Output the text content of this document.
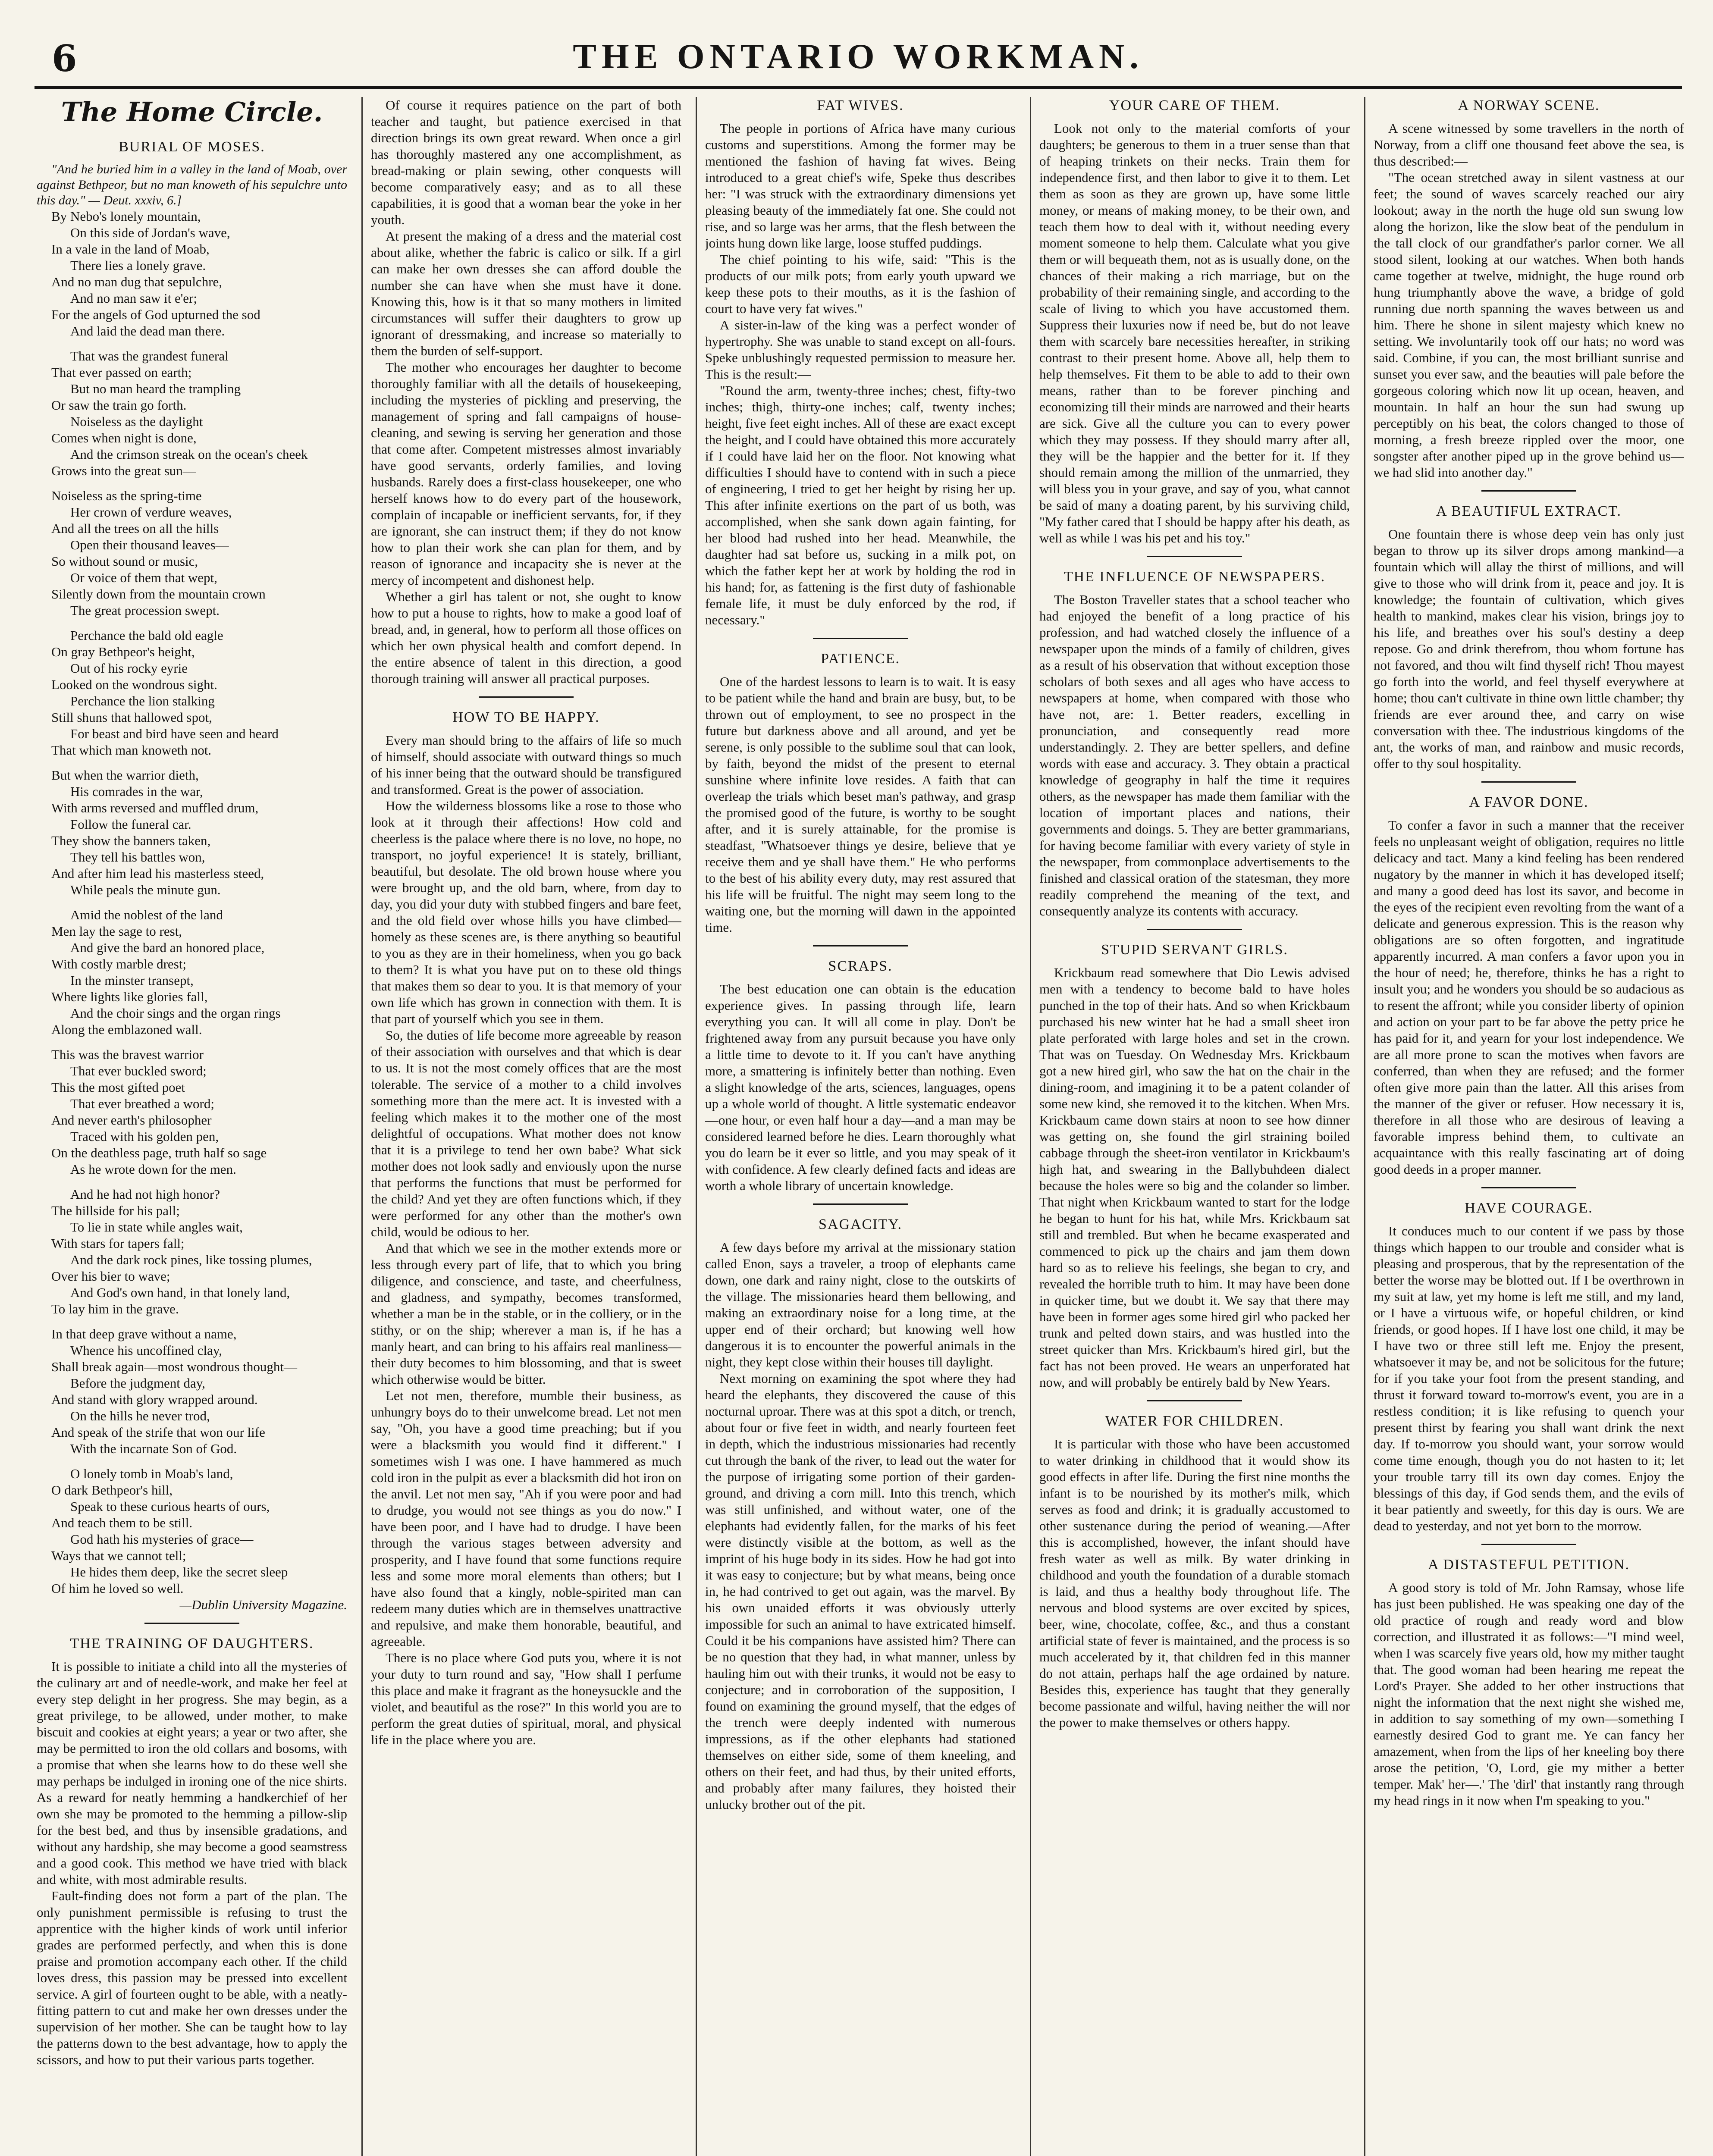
6	THE ONTARIO WORKMAN.
The Home Circle.
BURIAL OF MOSES.

"And he buried him in a valley in the land of Moab, over against Bethpeor, but no man knoweth of his sepulchre unto this day." — Deut. xxxiv, 6.]

By Nebo's lonely mountain,

On this side of Jordan's wave,

In a vale in the land of Moab,

There lies a lonely grave.

And no man dug that sepulchre,

And no man saw it e'er;

For the angels of God upturned the sod

And laid the dead man there.

That was the grandest funeral

That ever passed on earth;

But no man heard the trampling

Or saw the train go forth.

Noiseless as the daylight

Comes when night is done,

And the crimson streak on the ocean's cheek

Grows into the great sun—

Noiseless as the spring-time

Her crown of verdure weaves,

And all the trees on all the hills

Open their thousand leaves—

So without sound or music,

Or voice of them that wept,

Silently down from the mountain crown

The great procession swept.

Perchance the bald old eagle

On gray Bethpeor's height,

Out of his rocky eyrie

Looked on the wondrous sight.

Perchance the lion stalking

Still shuns that hallowed spot,

For beast and bird have seen and heard

That which man knoweth not.

But when the warrior dieth,

His comrades in the war,

With arms reversed and muffled drum,

Follow the funeral car.

They show the banners taken,

They tell his battles won,

And after him lead his masterless steed,

While peals the minute gun.

Amid the noblest of the land

Men lay the sage to rest,

And give the bard an honored place,

With costly marble drest;

In the minster transept,

Where lights like glories fall,

And the choir sings and the organ rings

Along the emblazoned wall.

This was the bravest warrior

That ever buckled sword;

This the most gifted poet

That ever breathed a word;

And never earth's philosopher

Traced with his golden pen,

On the deathless page, truth half so sage

As he wrote down for the men.

And he had not high honor?

The hillside for his pall;

To lie in state while angles wait,

With stars for tapers fall;

And the dark rock pines, like tossing plumes,

Over his bier to wave;

And God's own hand, in that lonely land,

To lay him in the grave.

In that deep grave without a name,

Whence his uncoffined clay,

Shall break again—most wondrous thought—

Before the judgment day,

And stand with glory wrapped around.

On the hills he never trod,

And speak of the strife that won our life

With the incarnate Son of God.

O lonely tomb in Moab's land,

O dark Bethpeor's hill,

Speak to these curious hearts of ours,

And teach them to be still.

God hath his mysteries of grace—

Ways that we cannot tell;

He hides them deep, like the secret sleep

Of him he loved so well.

—Dublin University Magazine.

THE TRAINING OF DAUGHTERS.

It is possible to initiate a child into all the mysteries of the culinary art and of needle-work, and make her feel at every step delight in her progress. She may begin, as a great privilege, to be allowed, under mother, to make biscuit and cookies at eight years; a year or two after, she may be permitted to iron the old collars and bosoms, with a promise that when she learns how to do these well she may perhaps be indulged in ironing one of the nice shirts. As a reward for neatly hemming a handkerchief of her own she may be promoted to the hemming a pillow-slip for the best bed, and thus by insensible gradations, and without any hardship, she may become a good seamstress and a good cook. This method we have tried with black and white, with most admirable results.

Fault-finding does not form a part of the plan. The only punishment permissible is refusing to trust the apprentice with the higher kinds of work until inferior grades are performed perfectly, and when this is done praise and promotion accompany each other. If the child loves dress, this passion may be pressed into excellent service. A girl of fourteen ought to be able, with a neatly-fitting pattern to cut and make her own dresses under the supervision of her mother. She can be taught how to lay the patterns down to the best advantage, how to apply the scissors, and how to put their various parts together.

Of course it requires patience on the part of both teacher and taught, but patience exercised in that direction brings its own great reward. When once a girl has thoroughly mastered any one accomplishment, as bread-making or plain sewing, other conquests will become comparatively easy; and as to all these capabilities, it is good that a woman bear the yoke in her youth.

At present the making of a dress and the material cost about alike, whether the fabric is calico or silk. If a girl can make her own dresses she can afford double the number she can have when she must have it done. Knowing this, how is it that so many mothers in limited circumstances will suffer their daughters to grow up ignorant of dressmaking, and increase so materially to them the burden of self-support.

The mother who encourages her daughter to become thoroughly familiar with all the details of housekeeping, including the mysteries of pickling and preserving, the management of spring and fall campaigns of house-cleaning, and sewing is serving her generation and those that come after. Competent mistresses almost invariably have good servants, orderly families, and loving husbands. Rarely does a first-class housekeeper, one who herself knows how to do every part of the housework, complain of incapable or inefficient servants, for, if they are ignorant, she can instruct them; if they do not know how to plan their work she can plan for them, and by reason of ignorance and incapacity she is never at the mercy of incompetent and dishonest help.

Whether a girl has talent or not, she ought to know how to put a house to rights, how to make a good loaf of bread, and, in general, how to perform all those offices on which her own physical health and comfort depend. In the entire absence of talent in this direction, a good thorough training will answer all practical purposes.

HOW TO BE HAPPY.

Every man should bring to the affairs of life so much of himself, should associate with outward things so much of his inner being that the outward should be transfigured and transformed. Great is the power of association.

How the wilderness blossoms like a rose to those who look at it through their affections! How cold and cheerless is the palace where there is no love, no hope, no transport, no joyful experience! It is stately, brilliant, beautiful, but desolate. The old brown house where you were brought up, and the old barn, where, from day to day, you did your duty with stubbed fingers and bare feet, and the old field over whose hills you have climbed—homely as these scenes are, is there anything so beautiful to you as they are in their homeliness, when you go back to them? It is what you have put on to these old things that makes them so dear to you. It is that memory of your own life which has grown in connection with them. It is that part of yourself which you see in them.

So, the duties of life become more agreeable by reason of their association with ourselves and that which is dear to us. It is not the most comely offices that are the most tolerable. The service of a mother to a child involves something more than the mere act. It is invested with a feeling which makes it to the mother one of the most delightful of occupations. What mother does not know that it is a privilege to tend her own babe? What sick mother does not look sadly and enviously upon the nurse that performs the functions that must be performed for the child? And yet they are often functions which, if they were performed for any other than the mother's own child, would be odious to her.

And that which we see in the mother extends more or less through every part of life, that to which you bring diligence, and conscience, and taste, and cheerfulness, and gladness, and sympathy, becomes transformed, whether a man be in the stable, or in the colliery, or in the stithy, or on the ship; wherever a man is, if he has a manly heart, and can bring to his affairs real manliness—their duty becomes to him blossoming, and that is sweet which otherwise would be bitter.

Let not men, therefore, mumble their business, as unhungry boys do to their unwelcome bread. Let not men say, "Oh, you have a good time preaching; but if you were a blacksmith you would find it different." I sometimes wish I was one. I have hammered as much cold iron in the pulpit as ever a blacksmith did hot iron on the anvil. Let not men say, "Ah if you were poor and had to drudge, you would not see things as you do now." I have been poor, and I have had to drudge. I have been through the various stages between adversity and prosperity, and I have found that some functions require less and some more moral elements than others; but I have also found that a kingly, noble-spirited man can redeem many duties which are in themselves unattractive and repulsive, and make them honorable, beautiful, and agreeable.

There is no place where God puts you, where it is not your duty to turn round and say, "How shall I perfume this place and make it fragrant as the honeysuckle and the violet, and beautiful as the rose?" In this world you are to perform the great duties of spiritual, moral, and physical life in the place where you are.

FAT WIVES.

The people in portions of Africa have many curious customs and superstitions. Among the former may be mentioned the fashion of having fat wives. Being introduced to a great chief's wife, Speke thus describes her: "I was struck with the extraordinary dimensions yet pleasing beauty of the immediately fat one. She could not rise, and so large was her arms, that the flesh between the joints hung down like large, loose stuffed puddings.

The chief pointing to his wife, said: "This is the products of our milk pots; from early youth upward we keep these pots to their mouths, as it is the fashion of court to have very fat wives."

A sister-in-law of the king was a perfect wonder of hypertrophy. She was unable to stand except on all-fours. Speke unblushingly requested permission to measure her. This is the result:—

"Round the arm, twenty-three inches; chest, fifty-two inches; thigh, thirty-one inches; calf, twenty inches; height, five feet eight inches. All of these are exact except the height, and I could have obtained this more accurately if I could have laid her on the floor. Not knowing what difficulties I should have to contend with in such a piece of engineering, I tried to get her height by rising her up. This after infinite exertions on the part of us both, was accomplished, when she sank down again fainting, for her blood had rushed into her head. Meanwhile, the daughter had sat before us, sucking in a milk pot, on which the father kept her at work by holding the rod in his hand; for, as fattening is the first duty of fashionable female life, it must be duly enforced by the rod, if necessary."

PATIENCE.

One of the hardest lessons to learn is to wait. It is easy to be patient while the hand and brain are busy, but, to be thrown out of employment, to see no prospect in the future but darkness above and all around, and yet be serene, is only possible to the sublime soul that can look, by faith, beyond the midst of the present to eternal sunshine where infinite love resides. A faith that can overleap the trials which beset man's pathway, and grasp the promised good of the future, is worthy to be sought after, and it is surely attainable, for the promise is steadfast, "Whatsoever things ye desire, believe that ye receive them and ye shall have them." He who performs to the best of his ability every duty, may rest assured that his life will be fruitful. The night may seem long to the waiting one, but the morning will dawn in the appointed time.

SCRAPS.

The best education one can obtain is the education experience gives. In passing through life, learn everything you can. It will all come in play. Don't be frightened away from any pursuit because you have only a little time to devote to it. If you can't have anything more, a smattering is infinitely better than nothing. Even a slight knowledge of the arts, sciences, languages, opens up a whole world of thought. A little systematic endeavor—one hour, or even half hour a day—and a man may be considered learned before he dies. Learn thoroughly what you do learn be it ever so little, and you may speak of it with confidence. A few clearly defined facts and ideas are worth a whole library of uncertain knowledge.

SAGACITY.

A few days before my arrival at the missionary station called Enon, says a traveler, a troop of elephants came down, one dark and rainy night, close to the outskirts of the village. The missionaries heard them bellowing, and making an extraordinary noise for a long time, at the upper end of their orchard; but knowing well how dangerous it is to encounter the powerful animals in the night, they kept close within their houses till daylight.

Next morning on examining the spot where they had heard the elephants, they discovered the cause of this nocturnal uproar. There was at this spot a ditch, or trench, about four or five feet in width, and nearly fourteen feet in depth, which the industrious missionaries had recently cut through the bank of the river, to lead out the water for the purpose of irrigating some portion of their garden-ground, and driving a corn mill. Into this trench, which was still unfinished, and without water, one of the elephants had evidently fallen, for the marks of his feet were distinctly visible at the bottom, as well as the imprint of his huge body in its sides. How he had got into it was easy to conjecture; but by what means, being once in, he had contrived to get out again, was the marvel. By his own unaided efforts it was obviously utterly impossible for such an animal to have extricated himself. Could it be his companions have assisted him? There can be no question that they had, in what manner, unless by hauling him out with their trunks, it would not be easy to conjecture; and in corroboration of the supposition, I found on examining the ground myself, that the edges of the trench were deeply indented with numerous impressions, as if the other elephants had stationed themselves on either side, some of them kneeling, and others on their feet, and had thus, by their united efforts, and probably after many failures, they hoisted their unlucky brother out of the pit.

YOUR CARE OF THEM.

Look not only to the material comforts of your daughters; be generous to them in a truer sense than that of heaping trinkets on their necks. Train them for independence first, and then labor to give it to them. Let them as soon as they are grown up, have some little money, or means of making money, to be their own, and teach them how to deal with it, without needing every moment someone to help them. Calculate what you give them or will bequeath them, not as is usually done, on the chances of their making a rich marriage, but on the probability of their remaining single, and according to the scale of living to which you have accustomed them. Suppress their luxuries now if need be, but do not leave them with scarcely bare necessities hereafter, in striking contrast to their present home. Above all, help them to help themselves. Fit them to be able to add to their own means, rather than to be forever pinching and economizing till their minds are narrowed and their hearts are sick. Give all the culture you can to every power which they may possess. If they should marry after all, they will be the happier and the better for it. If they should remain among the million of the unmarried, they will bless you in your grave, and say of you, what cannot be said of many a doating parent, by his surviving child, "My father cared that I should be happy after his death, as well as while I was his pet and his toy."

THE INFLUENCE OF NEWSPAPERS.

The Boston Traveller states that a school teacher who had enjoyed the benefit of a long practice of his profession, and had watched closely the influence of a newspaper upon the minds of a family of children, gives as a result of his observation that without exception those scholars of both sexes and all ages who have access to newspapers at home, when compared with those who have not, are: 1. Better readers, excelling in pronunciation, and consequently read more understandingly. 2. They are better spellers, and define words with ease and accuracy. 3. They obtain a practical knowledge of geography in half the time it requires others, as the newspaper has made them familiar with the location of important places and nations, their governments and doings. 5. They are better grammarians, for having become familiar with every variety of style in the newspaper, from commonplace advertisements to the finished and classical oration of the statesman, they more readily comprehend the meaning of the text, and consequently analyze its contents with accuracy.

STUPID SERVANT GIRLS.

Krickbaum read somewhere that Dio Lewis advised men with a tendency to become bald to have holes punched in the top of their hats. And so when Krickbaum purchased his new winter hat he had a small sheet iron plate perforated with large holes and set in the crown. That was on Tuesday. On Wednesday Mrs. Krickbaum got a new hired girl, who saw the hat on the chair in the dining-room, and imagining it to be a patent colander of some new kind, she removed it to the kitchen. When Mrs. Krickbaum came down stairs at noon to see how dinner was getting on, she found the girl straining boiled cabbage through the sheet-iron ventilator in Krickbaum's high hat, and swearing in the Ballybuhdeen dialect because the holes were so big and the colander so limber. That night when Krickbaum wanted to start for the lodge he began to hunt for his hat, while Mrs. Krickbaum sat still and trembled. But when he became exasperated and commenced to pick up the chairs and jam them down hard so as to relieve his feelings, she began to cry, and revealed the horrible truth to him. It may have been done in quicker time, but we doubt it. We say that there may have been in former ages some hired girl who packed her trunk and pelted down stairs, and was hustled into the street quicker than Mrs. Krickbaum's hired girl, but the fact has not been proved. He wears an unperforated hat now, and will probably be entirely bald by New Years.

WATER FOR CHILDREN.

It is particular with those who have been accustomed to water drinking in childhood that it would show its good effects in after life. During the first nine months the infant is to be nourished by its mother's milk, which serves as food and drink; it is gradually accustomed to other sustenance during the period of weaning.—After this is accomplished, however, the infant should have fresh water as well as milk. By water drinking in childhood and youth the foundation of a durable stomach is laid, and thus a healthy body throughout life. The nervous and blood systems are over excited by spices, beer, wine, chocolate, coffee, &c., and thus a constant artificial state of fever is maintained, and the process is so much accelerated by it, that children fed in this manner do not attain, perhaps half the age ordained by nature. Besides this, experience has taught that they generally become passionate and wilful, having neither the will nor the power to make themselves or others happy.

A NORWAY SCENE.

A scene witnessed by some travellers in the north of Norway, from a cliff one thousand feet above the sea, is thus described:—

"The ocean stretched away in silent vastness at our feet; the sound of waves scarcely reached our airy lookout; away in the north the huge old sun swung low along the horizon, like the slow beat of the pendulum in the tall clock of our grandfather's parlor corner. We all stood silent, looking at our watches. When both hands came together at twelve, midnight, the huge round orb hung triumphantly above the wave, a bridge of gold running due north spanning the waves between us and him. There he shone in silent majesty which knew no setting. We involuntarily took off our hats; no word was said. Combine, if you can, the most brilliant sunrise and sunset you ever saw, and the beauties will pale before the gorgeous coloring which now lit up ocean, heaven, and mountain. In half an hour the sun had swung up perceptibly on his beat, the colors changed to those of morning, a fresh breeze rippled over the moor, one songster after another piped up in the grove behind us—we had slid into another day."

A BEAUTIFUL EXTRACT.

One fountain there is whose deep vein has only just began to throw up its silver drops among mankind—a fountain which will allay the thirst of millions, and will give to those who will drink from it, peace and joy. It is knowledge; the fountain of cultivation, which gives health to mankind, makes clear his vision, brings joy to his life, and breathes over his soul's destiny a deep repose. Go and drink therefrom, thou whom fortune has not favored, and thou wilt find thyself rich! Thou mayest go forth into the world, and feel thyself everywhere at home; thou can't cultivate in thine own little chamber; thy friends are ever around thee, and carry on wise conversation with thee. The industrious kingdoms of the ant, the works of man, and rainbow and music records, offer to thy soul hospitality.

A FAVOR DONE.

To confer a favor in such a manner that the receiver feels no unpleasant weight of obligation, requires no little delicacy and tact. Many a kind feeling has been rendered nugatory by the manner in which it has developed itself; and many a good deed has lost its savor, and become in the eyes of the recipient even revolting from the want of a delicate and generous expression. This is the reason why obligations are so often forgotten, and ingratitude apparently incurred. A man confers a favor upon you in the hour of need; he, therefore, thinks he has a right to insult you; and he wonders you should be so audacious as to resent the affront; while you consider liberty of opinion and action on your part to be far above the petty price he has paid for it, and yearn for your lost independence. We are all more prone to scan the motives when favors are conferred, than when they are refused; and the former often give more pain than the latter. All this arises from the manner of the giver or refuser. How necessary it is, therefore in all those who are desirous of leaving a favorable impress behind them, to cultivate an acquaintance with this really fascinating art of doing good deeds in a proper manner.

HAVE COURAGE.

It conduces much to our content if we pass by those things which happen to our trouble and consider what is pleasing and prosperous, that by the representation of the better the worse may be blotted out. If I be overthrown in my suit at law, yet my home is left me still, and my land, or I have a virtuous wife, or hopeful children, or kind friends, or good hopes. If I have lost one child, it may be I have two or three still left me. Enjoy the present, whatsoever it may be, and not be solicitous for the future; for if you take your foot from the present standing, and thrust it forward toward to-morrow's event, you are in a restless condition; it is like refusing to quench your present thirst by fearing you shall want drink the next day. If to-morrow you should want, your sorrow would come time enough, though you do not hasten to it; let your trouble tarry till its own day comes. Enjoy the blessings of this day, if God sends them, and the evils of it bear patiently and sweetly, for this day is ours. We are dead to yesterday, and not yet born to the morrow.

A DISTASTEFUL PETITION.

A good story is told of Mr. John Ramsay, whose life has just been published. He was speaking one day of the old practice of rough and ready word and blow correction, and illustrated it as follows:—"I mind weel, when I was scarcely five years old, how my mither taught that. The good woman had been hearing me repeat the Lord's Prayer. She added to her other instructions that night the information that the next night she wished me, in addition to say something of my own—something I earnestly desired God to grant me. Ye can fancy her amazement, when from the lips of her kneeling boy there arose the petition, 'O, Lord, gie my mither a better temper. Mak' her—.' The 'dirl' that instantly rang through my head rings in it now when I'm speaking to you."
